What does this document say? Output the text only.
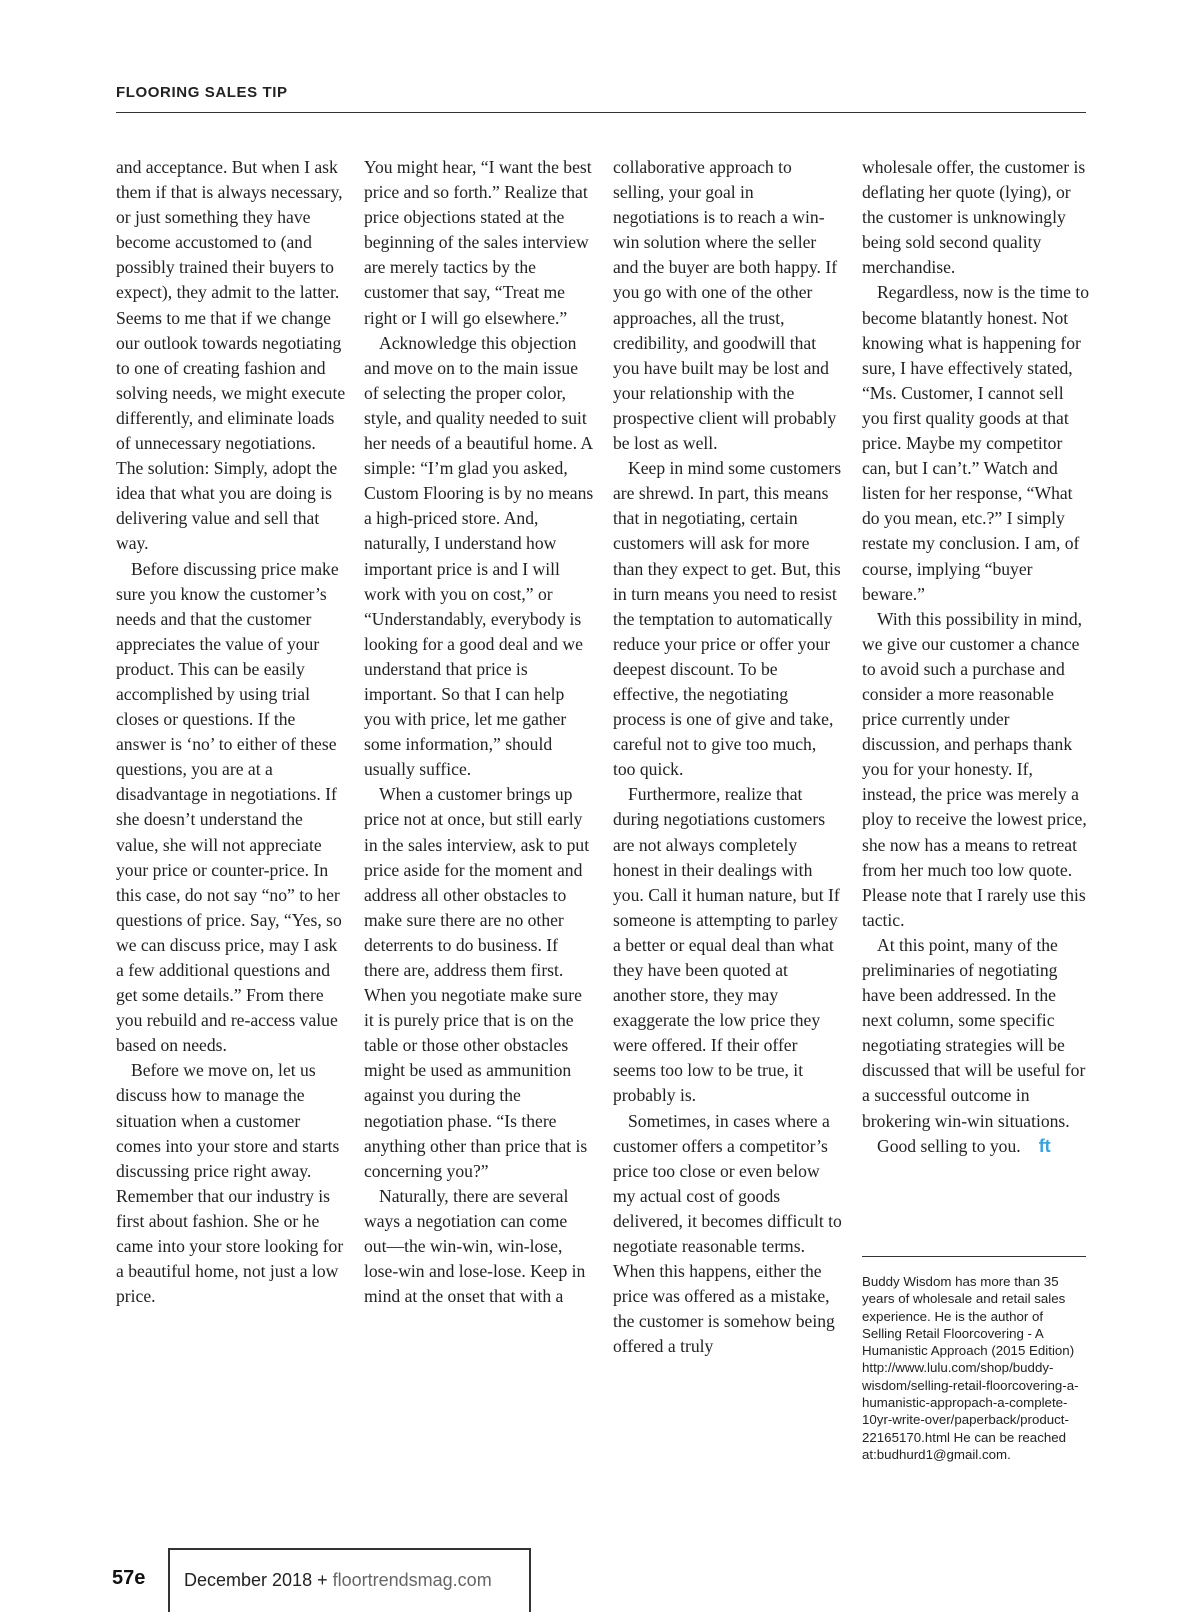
FLOORING SALES TIP

and acceptance. But when I ask them if that is always necessary, or just something they have become accustomed to (and possibly trained their buyers to expect), they admit to the latter. Seems to me that if we change our outlook towards negotiating to one of creating fashion and solving needs, we might execute differently, and eliminate loads of unnecessary negotiations. The solution: Simply, adopt the idea that what you are doing is delivering value and sell that way.

Before discussing price make sure you know the customer’s needs and that the customer appreciates the value of your product. This can be easily accomplished by using trial closes or questions. If the answer is ‘no’ to either of these questions, you are at a disadvantage in negotiations. If she doesn’t understand the value, she will not appreciate your price or counter-price. In this case, do not say “no” to her questions of price. Say, “Yes, so we can discuss price, may I ask a few additional questions and get some details.” From there you rebuild and re-access value based on needs.

Before we move on, let us discuss how to manage the situation when a customer comes into your store and starts discussing price right away. Remember that our industry is first about fashion. She or he came into your store looking for a beautiful home, not just a low price.

You might hear, “I want the best price and so forth.” Realize that price objections stated at the beginning of the sales interview are merely tactics by the customer that say, “Treat me right or I will go elsewhere.”

Acknowledge this objection and move on to the main issue of selecting the proper color, style, and quality needed to suit her needs of a beautiful home. A simple: “I’m glad you asked, Custom Flooring is by no means a high-priced store. And, naturally, I understand how important price is and I will work with you on cost,” or “Understandably, everybody is looking for a good deal and we understand that price is important. So that I can help you with price, let me gather some information,” should usually suffice.

When a customer brings up price not at once, but still early in the sales interview, ask to put price aside for the moment and address all other obstacles to make sure there are no other deterrents to do business. If there are, address them first. When you negotiate make sure it is purely price that is on the table or those other obstacles might be used as ammunition against you during the negotiation phase. “Is there anything other than price that is concerning you?”

Naturally, there are several ways a negotiation can come out—the win-win, win-lose, lose-win and lose-lose. Keep in mind at the onset that with a

collaborative approach to selling, your goal in negotiations is to reach a win-win solution where the seller and the buyer are both happy. If you go with one of the other approaches, all the trust, credibility, and goodwill that you have built may be lost and your relationship with the prospective client will probably be lost as well.

Keep in mind some customers are shrewd. In part, this means that in negotiating, certain customers will ask for more than they expect to get. But, this in turn means you need to resist the temptation to automatically reduce your price or offer your deepest discount. To be effective, the negotiating process is one of give and take, careful not to give too much, too quick.

Furthermore, realize that during negotiations customers are not always completely honest in their dealings with you. Call it human nature, but If someone is attempting to parley a better or equal deal than what they have been quoted at another store, they may exaggerate the low price they were offered. If their offer seems too low to be true, it probably is.

Sometimes, in cases where a customer offers a competitor’s price too close or even below my actual cost of goods delivered, it becomes difficult to negotiate reasonable terms. When this happens, either the price was offered as a mistake, the customer is somehow being offered a truly

wholesale offer, the customer is deflating her quote (lying), or the customer is unknowingly being sold second quality merchandise.

Regardless, now is the time to become blatantly honest. Not knowing what is happening for sure, I have effectively stated, “Ms. Customer, I cannot sell you first quality goods at that price. Maybe my competitor can, but I can’t.” Watch and listen for her response, “What do you mean, etc.?” I simply restate my conclusion. I am, of course, implying “buyer beware.”

With this possibility in mind, we give our customer a chance to avoid such a purchase and consider a more reasonable price currently under discussion, and perhaps thank you for your honesty. If, instead, the price was merely a ploy to receive the lowest price, she now has a means to retreat from her much too low quote. Please note that I rarely use this tactic.

At this point, many of the preliminaries of negotiating have been addressed. In the next column, some specific negotiating strategies will be discussed that will be useful for a successful outcome in brokering win-win situations.

Good selling to you. ft

Buddy Wisdom has more than 35 years of wholesale and retail sales experience. He is the author of Selling Retail Floorcovering - A Humanistic Approach (2015 Edition) http://www.lulu.com/shop/buddy-wisdom/selling-retail-floorcovering-a-humanistic-appropach-a-complete-10yr-write-over/paperback/product-22165170.html He can be reached at:budhurd1@gmail.com.
57e December 2018 + floortrendsmag.com
